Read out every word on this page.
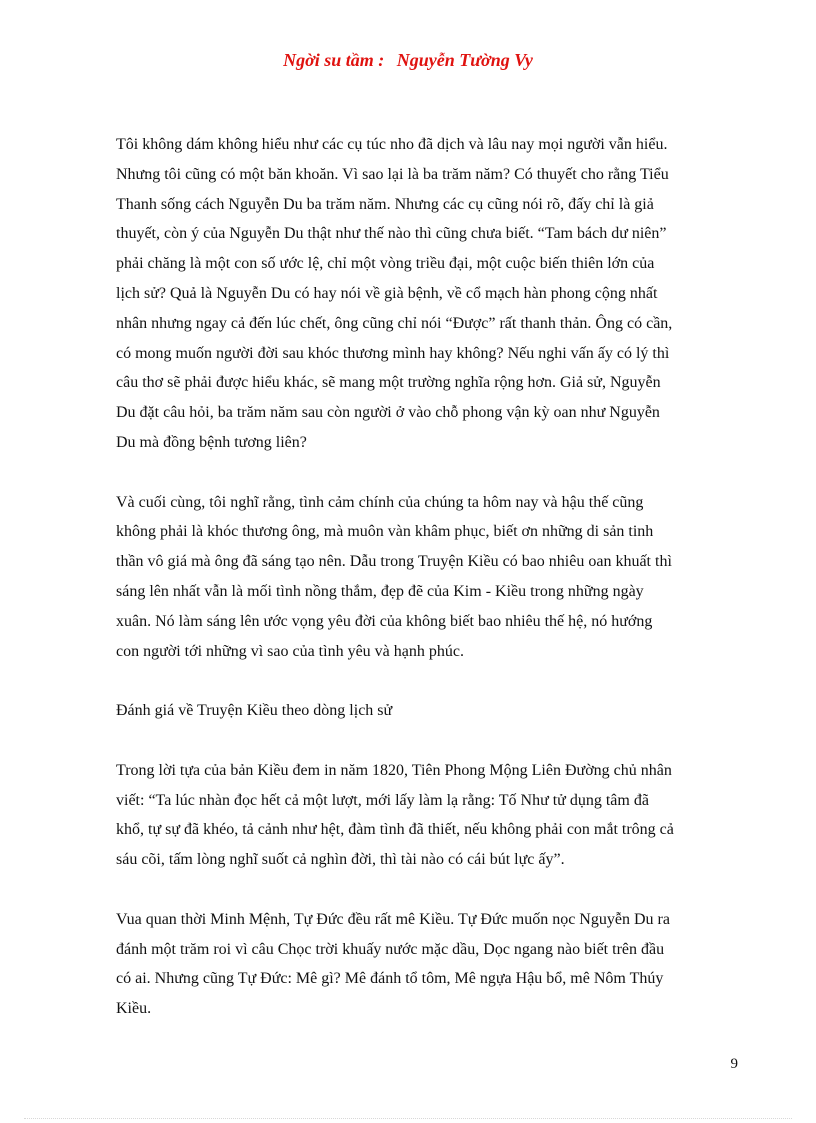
Ngời su tầm : Nguyễn Tường Vy

Tôi không dám không hiểu như các cụ túc nho đã dịch và lâu nay mọi người vẫn hiểu.
Nhưng tôi cũng có một băn khoăn. Vì sao lại là ba trăm năm? Có thuyết cho rằng Tiểu
Thanh sống cách Nguyễn Du ba trăm năm. Nhưng các cụ cũng nói rõ, đấy chỉ là giả
thuyết, còn ý của Nguyễn Du thật như thế nào thì cũng chưa biết. “Tam bách dư niên”
phải chăng là một con số ước lệ, chỉ một vòng triều đại, một cuộc biến thiên lớn của
lịch sử? Quả là Nguyễn Du có hay nói về già bệnh, về cổ mạch hàn phong cộng nhất
nhân nhưng ngay cả đến lúc chết, ông cũng chỉ nói “Được” rất thanh thản. Ông có cần,
có mong muốn người đời sau khóc thương mình hay không? Nếu nghi vấn ấy có lý thì
câu thơ sẽ phải được hiểu khác, sẽ mang một trường nghĩa rộng hơn. Giả sử, Nguyễn
Du đặt câu hỏi, ba trăm năm sau còn người ở vào chỗ phong vận kỳ oan như Nguyễn
Du mà đồng bệnh tương liên?

Và cuối cùng, tôi nghĩ rằng, tình cảm chính của chúng ta hôm nay và hậu thế cũng
không phải là khóc thương ông, mà muôn vàn khâm phục, biết ơn những di sản tinh
thần vô giá mà ông đã sáng tạo nên. Dẫu trong Truyện Kiều có bao nhiêu oan khuất thì
sáng lên nhất vẫn là mối tình nồng thắm, đẹp đẽ của Kim - Kiều trong những ngày
xuân. Nó làm sáng lên ước vọng yêu đời của không biết bao nhiêu thế hệ, nó hướng
con người tới những vì sao của tình yêu và hạnh phúc.

Đánh giá về Truyện Kiều theo dòng lịch sử

Trong lời tựa của bản Kiều đem in năm 1820, Tiên Phong Mộng Liên Đường chủ nhân
viết: “Ta lúc nhàn đọc hết cả một lượt, mới lấy làm lạ rằng: Tố Như tử dụng tâm đã
khổ, tự sự đã khéo, tả cảnh như hệt, đàm tình đã thiết, nếu không phải con mắt trông cả
sáu cõi, tấm lòng nghĩ suốt cả nghìn đời, thì tài nào có cái bút lực ấy”.

Vua quan thời Minh Mệnh, Tự Đức đều rất mê Kiều. Tự Đức muốn nọc Nguyễn Du ra
đánh một trăm roi vì câu Chọc trời khuấy nước mặc dầu, Dọc ngang nào biết trên đầu
có ai. Nhưng cũng Tự Đức: Mê gì? Mê đánh tổ tôm, Mê ngựa Hậu bổ, mê Nôm Thúy
Kiều.

9
